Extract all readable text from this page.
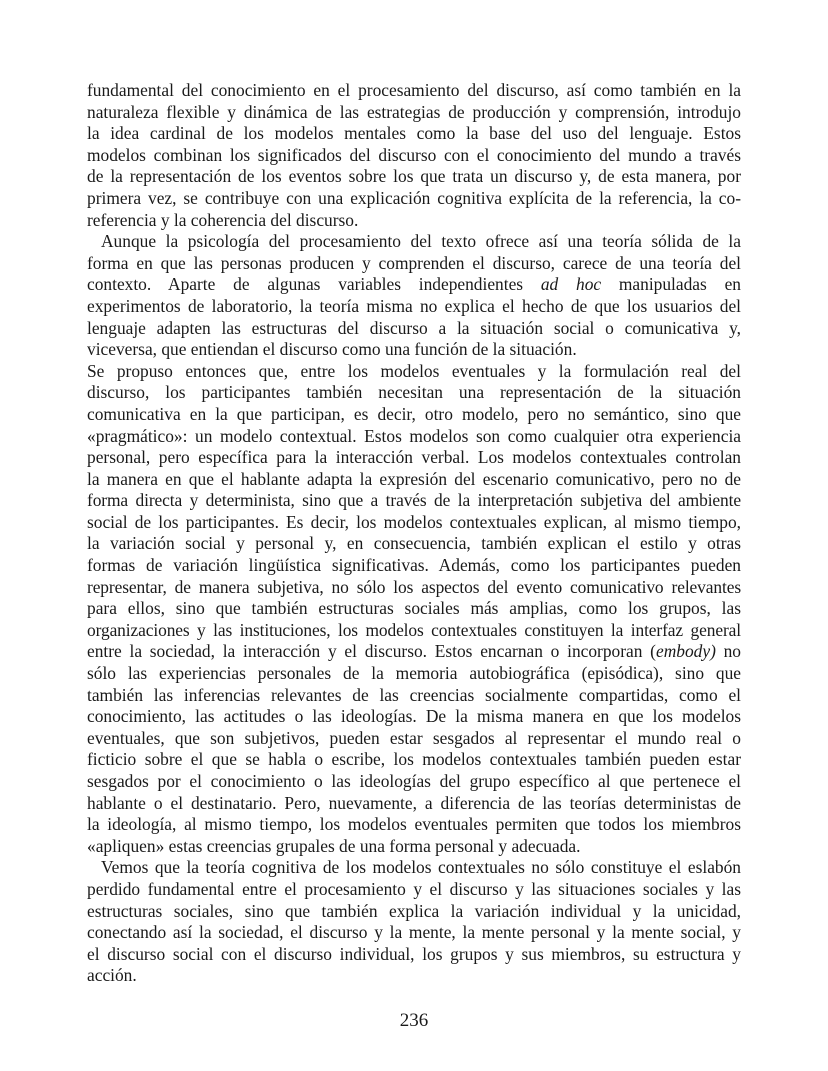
fundamental del conocimiento en el procesamiento del discurso, así como también en la
naturaleza flexible y dinámica de las estrategias de producción y comprensión, introdujo
la idea cardinal de los modelos mentales como la base del uso del lenguaje. Estos
modelos combinan los significados del discurso con el conocimiento del mundo a través
de la representación de los eventos sobre los que trata un discurso y, de esta manera, por
primera vez, se contribuye con una explicación cognitiva explícita de la referencia, la co-
referencia y la coherencia del discurso.
Aunque la psicología del procesamiento del texto ofrece así una teoría sólida de la
forma en que las personas producen y comprenden el discurso, carece de una teoría del
contexto. Aparte de algunas variables independientes ad hoc manipuladas en
experimentos de laboratorio, la teoría misma no explica el hecho de que los usuarios del
lenguaje adapten las estructuras del discurso a la situación social o comunicativa y,
viceversa, que entiendan el discurso como una función de la situación.
Se propuso entonces que, entre los modelos eventuales y la formulación real del
discurso, los participantes también necesitan una representación de la situación
comunicativa en la que participan, es decir, otro modelo, pero no semántico, sino que
«pragmático»: un modelo contextual. Estos modelos son como cualquier otra experiencia
personal, pero específica para la interacción verbal. Los modelos contextuales controlan
la manera en que el hablante adapta la expresión del escenario comunicativo, pero no de
forma directa y determinista, sino que a través de la interpretación subjetiva del ambiente
social de los participantes. Es decir, los modelos contextuales explican, al mismo tiempo,
la variación social y personal y, en consecuencia, también explican el estilo y otras
formas de variación lingüística significativas. Además, como los participantes pueden
representar, de manera subjetiva, no sólo los aspectos del evento comunicativo relevantes
para ellos, sino que también estructuras sociales más amplias, como los grupos, las
organizaciones y las instituciones, los modelos contextuales constituyen la interfaz general
entre la sociedad, la interacción y el discurso. Estos encarnan o incorporan (embody) no
sólo las experiencias personales de la memoria autobiográfica (episódica), sino que
también las inferencias relevantes de las creencias socialmente compartidas, como el
conocimiento, las actitudes o las ideologías. De la misma manera en que los modelos
eventuales, que son subjetivos, pueden estar sesgados al representar el mundo real o
ficticio sobre el que se habla o escribe, los modelos contextuales también pueden estar
sesgados por el conocimiento o las ideologías del grupo específico al que pertenece el
hablante o el destinatario. Pero, nuevamente, a diferencia de las teorías deterministas de
la ideología, al mismo tiempo, los modelos eventuales permiten que todos los miembros
«apliquen» estas creencias grupales de una forma personal y adecuada.
Vemos que la teoría cognitiva de los modelos contextuales no sólo constituye el eslabón
perdido fundamental entre el procesamiento y el discurso y las situaciones sociales y las
estructuras sociales, sino que también explica la variación individual y la unicidad,
conectando así la sociedad, el discurso y la mente, la mente personal y la mente social, y
el discurso social con el discurso individual, los grupos y sus miembros, su estructura y
acción.
236
